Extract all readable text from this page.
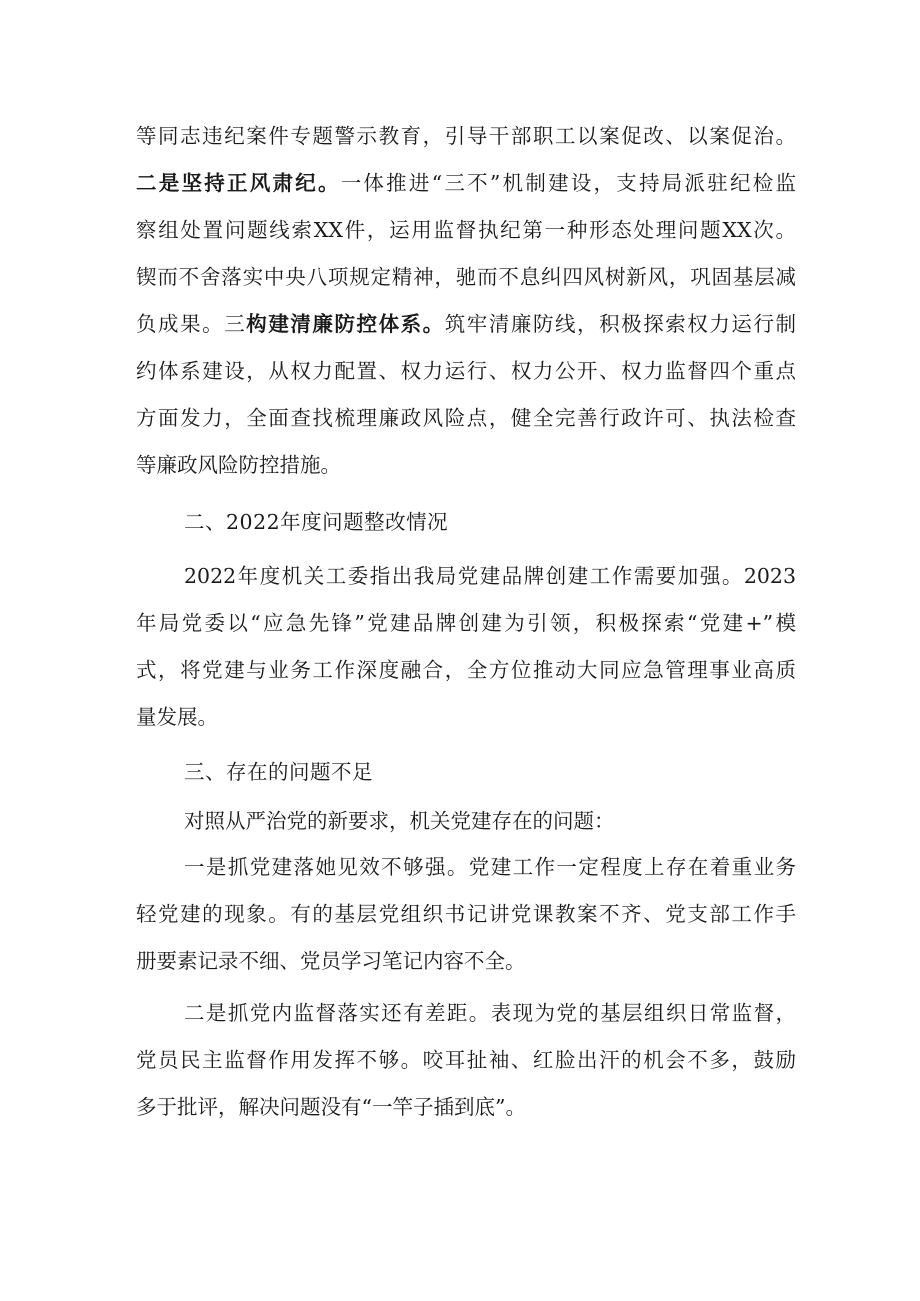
等同志违纪案件专题警示教育，引导干部职工以案促改、以案促治。
二是坚持正风肃纪。一体推进“三不”机制建设，支持局派驻纪检监
察组处置问题线索XX件，运用监督执纪第一种形态处理问题XX次。
锲而不舍落实中央八项规定精神，驰而不息纠四风树新风，巩固基层减
负成果。三构建清廉防控体系。筑牢清廉防线，积极探索权力运行制
约体系建设，从权力配置、权力运行、权力公开、权力监督四个重点
方面发力，全面查找梳理廉政风险点，健全完善行政许可、执法检查
等廉政风险防控措施。
二、2022年度问题整改情况
2022年度机关工委指出我局党建品牌创建工作需要加强。2023
年局党委以“应急先锋”党建品牌创建为引领，积极探索“党建+”模
式，将党建与业务工作深度融合，全方位推动大同应急管理事业高质
量发展。
三、存在的问题不足
对照从严治党的新要求，机关党建存在的问题：
一是抓党建落她见效不够强。党建工作一定程度上存在着重业务
轻党建的现象。有的基层党组织书记讲党课教案不齐、党支部工作手
册要素记录不细、党员学习笔记内容不全。
二是抓党内监督落实还有差距。表现为党的基层组织日常监督，
党员民主监督作用发挥不够。咬耳扯袖、红脸出汗的机会不多，鼓励
多于批评，解决问题没有“一竿子插到底”。
